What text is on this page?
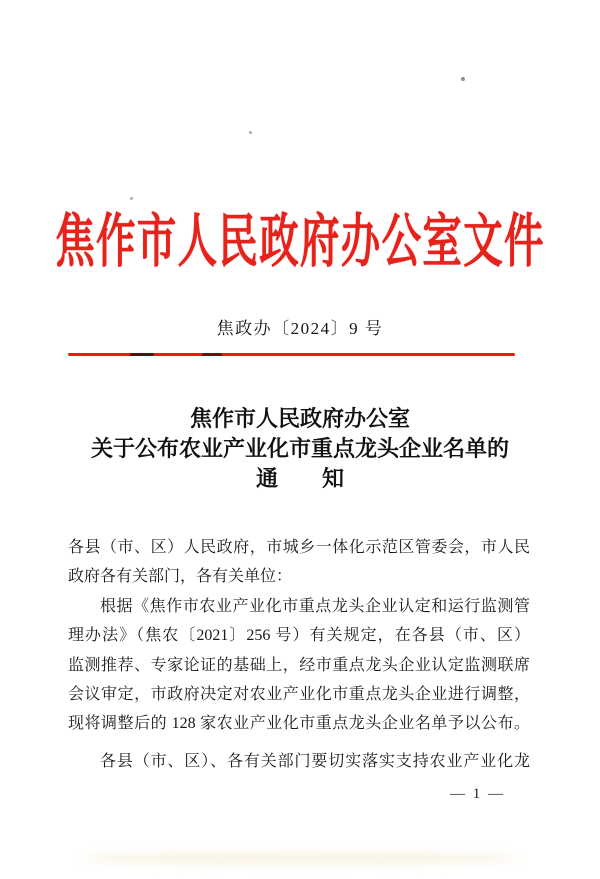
焦作市人民政府办公室文件
焦政办〔2024〕9 号
焦作市人民政府办公室
关于公布农业产业化市重点龙头企业名单的
通　　知
各县（市、区）人民政府，市城乡一体化示范区管委会，市人民
政府各有关部门，各有关单位：
根据《焦作市农业产业化市重点龙头企业认定和运行监测管
理办法》（焦农〔2021〕256 号）有关规定，在各县（市、区）
监测推荐、专家论证的基础上，经市重点龙头企业认定监测联席
会议审定，市政府决定对农业产业化市重点龙头企业进行调整，
现将调整后的 128 家农业产业化市重点龙头企业名单予以公布。
各县（市、区）、各有关部门要切实落实支持农业产业化龙
— 1 —
